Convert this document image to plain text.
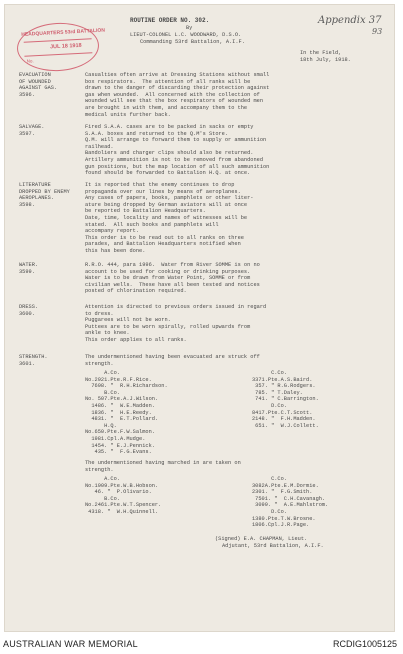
HEADQUARTERS 53rd BATTALION
JUL 18 1918
No.
Appendix 37
93
ROUTINE ORDER NO. 302.
By
LIEUT-COLONEL L.C. WOODWARD, D.S.O.
Commanding 53rd Battalion, A.I.F.
In the Field,
18th July, 1918.
EVACUATION
OF WOUNDED
AGAINST GAS.
3596.
Casualties often arrive at Dressing Stations without small
box respirators.  The attention of all ranks will be
drawn to the danger of discarding their protection against
gas when wounded.  All concerned with the collection of
wounded will see that the box respirators of wounded men
are brought in with them, and accompany them to the
medical units further back.
SALVAGE.
3597.
Fired S.A.A. cases are to be packed in sacks or empty
S.A.A. boxes and returned to the Q.M's Store.
Q.M. will arrange to forward them to supply or ammunition
railhead.
Bandoliers and charger clips should also be returned.
Artillery ammunition is not to be removed from abandoned
gun positions, but the map location of all such ammunition
found should be forwarded to Battalion H.Q. at once.
LITERATURE
DROPPED BY ENEMY
AEROPLANES.
3598.
It is reported that the enemy continues to drop
propaganda over our lines by means of aeroplanes.
Any cases of papers, books, pamphlets or other liter-
ature being dropped by German aviators will at once
be reported to Battalion Headquarters.
Date, time, locality and names of witnesses will be
stated.  All such books and pamphlets will
accompany report.
This order is to be read out to all ranks on three
parades, and Battalion Headquarters notified when
this has been done.
WATER.
3599.
R.R.O. 444, para 1996.  Water from River SOMME is on no
account to be used for cooking or drinking purposes.
Water is to be drawn from Water Point, SOMME or from
civilian wells.  These have all been tested and notices
posted of chlorination required.
DRESS.
3600.
Attention is directed to previous orders issued in regard
to dress.
Puggarees will not be worn.
Puttees are to be worn spirally, rolled upwards from
ankle to knee.
This order applies to all ranks.
STRENGTH.
3601.
The undermentioned having been evacuated are struck off
strength.
A.Co.
No.2921.Pte.R.F.Rice.
7698. "  R.H.Richardson.
B.Co.
No. 507.Pte.A.J.Wilson.
1486. "  W.E.Madden.
1836. "  H.E.Reedy.
4831. "  E.T.Pollard.
H.Q.
No.650.Pte.F.W.Salmon.
1981.Cpl.A.Mudge.
1454. " E.J.Pennick.
435. "  F.G.Evans.
C.Co.
3371.Pte.A.S.Baird.
357. " R.G.Rodgers.
785. " T.Daley.
741. " C.Barrington.
D.Co.
8417.Pte.C.T.Scott.
2148. "  F.H.Madden.
651. "  W.J.Collett.
The undermentioned having marched in are taken on
strength.
A.Co.
No.1909.Pte.W.B.Hobson.
46. "  P.Olivario.
B.Co.
No.2461.Pte.W.T.Spencer.
4318. "  W.H.Quinnell.
C.Co.
3082A.Pte.E.M.Dormie.
2301. "  F.G.Smith.
7501. "  C.H.Cavanagh.
3099. "  A.E.Mahlstrom.
D.Co.
1380.Pte.T.W.Brosne.
1806.Cpl.J.R.Page.
(Signed) E.A. CHAPMAN, Lieut.
Adjutant, 53rd Battalion, A.I.F.
AUSTRALIAN WAR MEMORIAL	RCDIG1005125
